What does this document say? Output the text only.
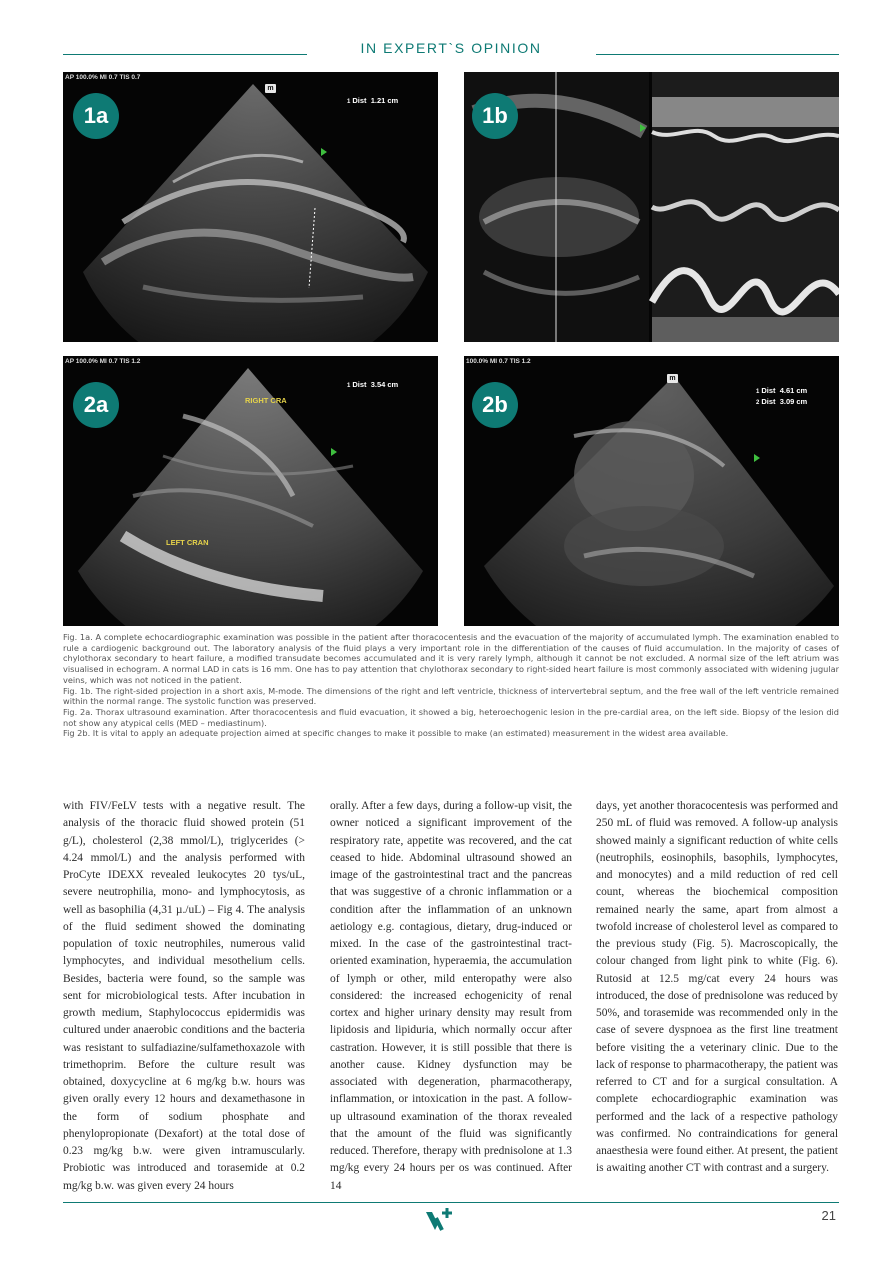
IN EXPERT`S OPINION
AP 100.0% MI 0.7 TIS 0.7
m
1 Dist 1.21 cm
1a	1b
AP 100.0% MI 0.7 TIS 1.2
1 Dist 3.54 cm
RIGHT CRA
LEFT CRAN
2a
100.0% MI 0.7 TIS 1.2
m
1 Dist 4.61 cm
2 Dist 3.09 cm
2b

Fig. 1a. A complete echocardiographic examination was possible in the patient after thoracocentesis and the evacuation of the majority of accumulated lymph. The examination enabled to rule a cardiogenic background out. The laboratory analysis of the fluid plays a very important role in the differentiation of the causes of fluid accumulation. In the majority of cases of chylothorax secondary to heart failure, a modified transudate becomes accumulated and it is very rarely lymph, although it cannot be not excluded. A normal size of the left atrium was visualised in echogram. A normal LAD in cats is 16 mm. One has to pay attention that chylothorax secondary to right-sided heart failure is most commonly associated with widening jugular veins, which was not noticed in the patient.

Fig. 1b. The right-sided projection in a short axis, M-mode. The dimensions of the right and left ventricle, thickness of intervertebral septum, and the free wall of the left ventricle remained within the normal range. The systolic function was preserved.

Fig. 2a. Thorax ultrasound examination. After thoracocentesis and fluid evacuation, it showed a big, heteroechogenic lesion in the pre-cardial area, on the left side. Biopsy of the lesion did not show any atypical cells (MED – mediastinum).

Fig 2b. It is vital to apply an adequate projection aimed at specific changes to make it possible to make (an estimated) measurement in the widest area available.

with FIV/FeLV tests with a negative result. The analysis of the thoracic fluid showed protein (51 g/L), cholesterol (2,38 mmol/L), triglycerides (> 4.24 mmol/L) and the analysis performed with ProCyte IDEXX revealed leukocytes 20 tys/uL, severe neutrophilia, mono- and lymphocytosis, as well as basophilia (4,31 µ./uL) – Fig 4. The analysis of the fluid sediment showed the dominating population of toxic neutrophiles, numerous valid lymphocytes, and individual mesothelium cells. Besides, bacteria were found, so the sample was sent for microbiological tests. After incubation in growth medium, Staphylococcus epidermidis was cultured under anaerobic conditions and the bacteria was resistant to sulfadiazine/sulfamethoxazole with trimethoprim. Before the culture result was obtained, doxycycline at 6 mg/kg b.w. hours was given orally every 12 hours and dexamethasone in the form of sodium phosphate and phenylopropionate (Dexafort) at the total dose of 0.23 mg/kg b.w. were given intramuscularly. Probiotic was introduced and torasemide at 0.2 mg/kg b.w. was given every 24 hours
orally. After a few days, during a follow-up visit, the owner noticed a significant improvement of the respiratory rate, appetite was recovered, and the cat ceased to hide. Abdominal ultrasound showed an image of the gastrointestinal tract and the pancreas that was suggestive of a chronic inflammation or a condition after the inflammation of an unknown aetiology e.g. contagious, dietary, drug-induced or mixed. In the case of the gastrointestinal tract-oriented examination, hyperaemia, the accumulation of lymph or other, mild enteropathy were also considered: the increased echogenicity of renal cortex and higher urinary density may result from lipidosis and lipiduria, which normally occur after castration. However, it is still possible that there is another cause. Kidney dysfunction may be associated with degeneration, pharmacotherapy, inflammation, or intoxication in the past. A follow-up ultrasound examination of the thorax revealed that the amount of the fluid was significantly reduced. Therefore, therapy with prednisolone at 1.3 mg/kg every 24 hours per os was continued. After 14
days, yet another thoracocentesis was performed and 250 mL of fluid was removed. A follow-up analysis showed mainly a significant reduction of white cells (neutrophils, eosinophils, basophils, lymphocytes, and monocytes) and a mild reduction of red cell count, whereas the biochemical composition remained nearly the same, apart from almost a twofold increase of cholesterol level as compared to the previous study (Fig. 5). Macroscopically, the colour changed from light pink to white (Fig. 6). Rutosid at 12.5 mg/cat every 24 hours was introduced, the dose of prednisolone was reduced by 50%, and torasemide was recommended only in the case of severe dyspnoea as the first line treatment before visiting the a veterinary clinic. Due to the lack of response to pharmacotherapy, the patient was referred to CT and for a surgical consultation. A complete echocardiographic examination was performed and the lack of a respective pathology was confirmed. No contraindications for general anaesthesia were found either. At present, the patient is awaiting another CT with contrast and a surgery.
21
